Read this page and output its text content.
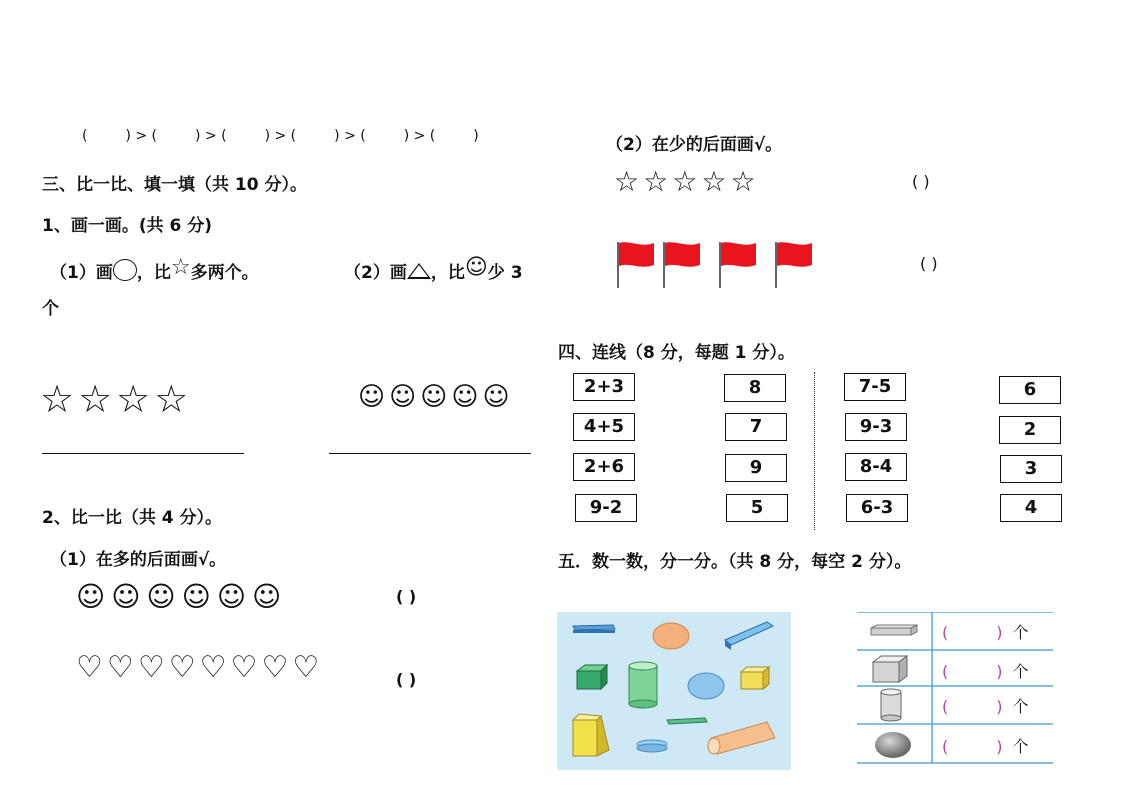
(	) > (	) > (	) > (	) > (	) > (	)
三、比一比、填一填（共 10 分）。
1、画一画。(共 6 分)
（1）画 ，比☆多两个。	（2）画 ，比☺少 3
个
☆ ☆ ☆ ☆	☺ ☺ ☺ ☺ ☺
2、比一比（共 4 分）。
（1）在多的后面画√。
☺ ☺ ☺ ☺ ☺ ☺	( )
♡ ♡ ♡ ♡ ♡ ♡ ♡ ♡	( )
（2）在少的后面画√。
☆ ☆ ☆ ☆ ☆	( )
( )
四、连线（8 分，每题 1 分）。
2+3
4+5
2+6
9-2
8
7
9
5
7-5
9-3
8-4
6-3
6
2
3
4
五．数一数，分一分。（共 8 分，每空 2 分）。
(	) 个
(	) 个
(	) 个
(	) 个
